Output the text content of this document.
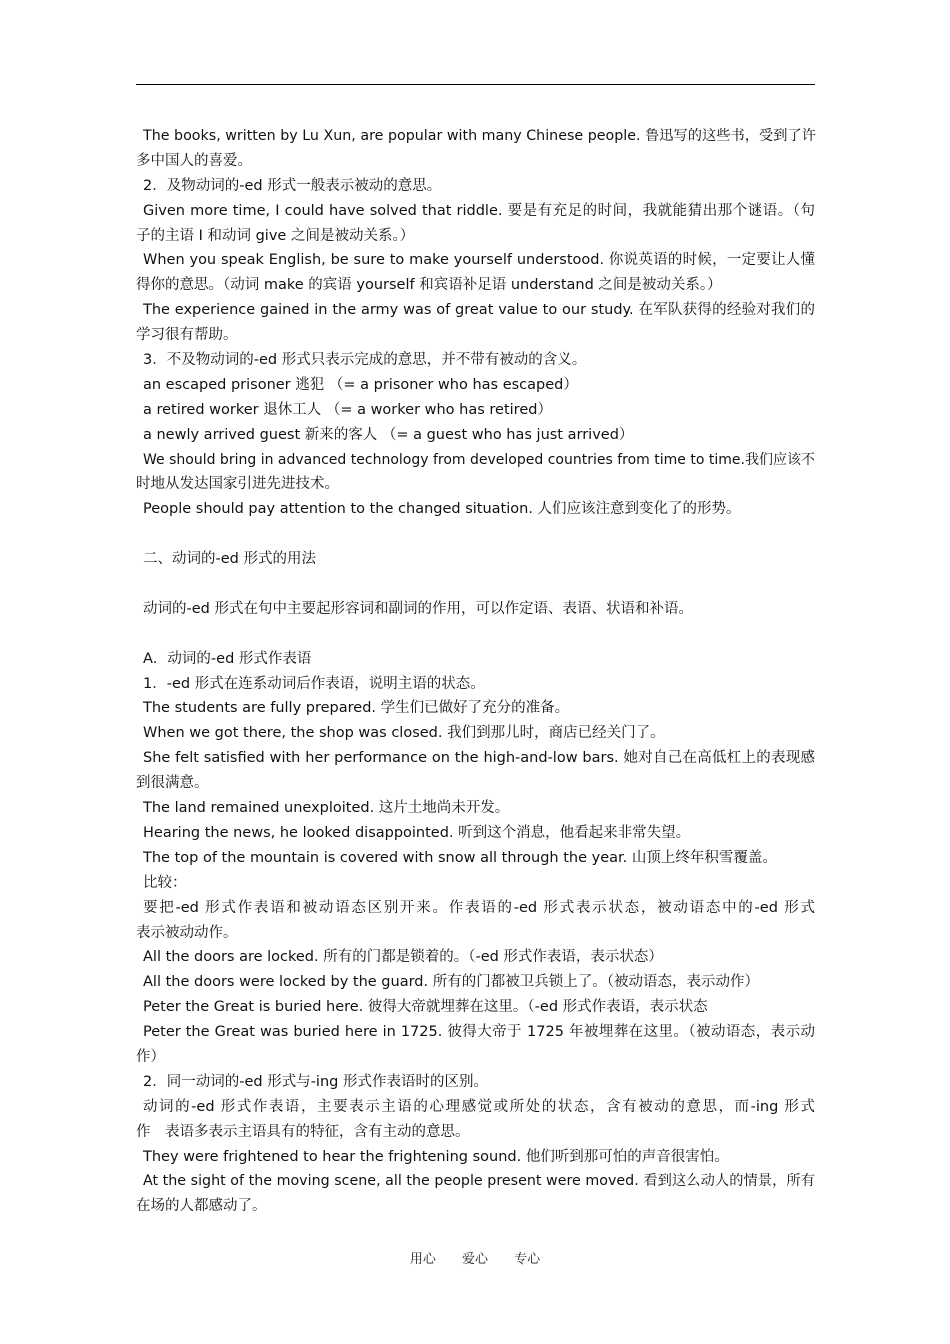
The books, written by Lu Xun, are popular with many Chinese people. 鲁迅写的这些书，受到了许
多中国人的喜爱。
2．及物动词的-ed 形式一般表示被动的意思。
Given more time, I could have solved that riddle. 要是有充足的时间，我就能猜出那个谜语。（句
子的主语 I 和动词 give 之间是被动关系。）
When you speak English, be sure to make yourself understood. 你说英语的时候，一定要让人懂
得你的意思。（动词 make 的宾语 yourself 和宾语补足语 understand 之间是被动关系。）
The experience gained in the army was of great value to our study. 在军队获得的经验对我们的
学习很有帮助。
3．不及物动词的-ed 形式只表示完成的意思，并不带有被动的含义。
an escaped prisoner 逃犯 （= a prisoner who has escaped）
a retired worker 退休工人 （= a worker who has retired）
a newly arrived guest 新来的客人 （= a guest who has just arrived）
We should bring in advanced technology from developed countries from time to time.我们应该不
时地从发达国家引进先进技术。
People should pay attention to the changed situation. 人们应该注意到变化了的形势。
二、动词的-ed 形式的用法
动词的-ed 形式在句中主要起形容词和副词的作用，可以作定语、表语、状语和补语。
A．动词的-ed 形式作表语
1．-ed 形式在连系动词后作表语，说明主语的状态。
The students are fully prepared. 学生们已做好了充分的准备。
When we got there, the shop was closed. 我们到那儿时，商店已经关门了。
She felt satisfied with her performance on the high-and-low bars. 她对自己在高低杠上的表现感
到很满意。
The land remained unexploited. 这片土地尚未开发。
Hearing the news, he looked disappointed. 听到这个消息，他看起来非常失望。
The top of the mountain is covered with snow all through the year. 山顶上终年积雪覆盖。
比较：
要把-ed 形式作表语和被动语态区别开来。作表语的-ed 形式表示状态，被动语态中的-ed 形式
表示被动动作。
All the doors are locked. 所有的门都是锁着的。（-ed 形式作表语，表示状态）
All the doors were locked by the guard. 所有的门都被卫兵锁上了。（被动语态，表示动作）
Peter the Great is buried here. 彼得大帝就埋葬在这里。（-ed 形式作表语，表示状态
Peter the Great was buried here in 1725. 彼得大帝于 1725 年被埋葬在这里。（被动语态，表示动
作）
2．同一动词的-ed 形式与-ing 形式作表语时的区别。
动词的-ed 形式作表语，主要表示主语的心理感觉或所处的状态，含有被动的意思，而-ing 形式
作　表语多表示主语具有的特征，含有主动的意思。
They were frightened to hear the frightening sound. 他们听到那可怕的声音很害怕。
At the sight of the moving scene, all the people present were moved. 看到这么动人的情景，所有
在场的人都感动了。
用心 爱心 专心
